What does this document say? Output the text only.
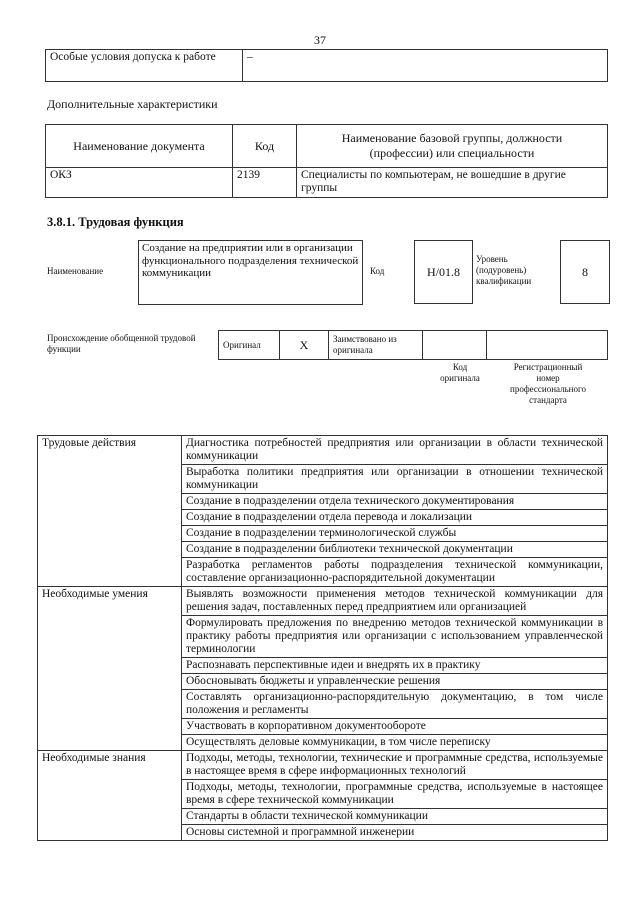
37
Особые условия допуска к работе	–
Дополнительные характеристики
Наименование документа	Код	Наименование базовой группы, должности (профессии) или специальности
ОКЗ	2139	Специалисты по компьютерам, не вошедшие в другие группы
3.8.1. Трудовая функция
Наименование
Создание на предприятии или в организации функционального подразделения технической коммуникации	Код	H/01.8
Уровень (подуровень) квалификации
8
Происхождение обобщенной трудовой функции	Оригинал	X	Заимствовано из оригинала		
Код оригинала
Регистрационный номер профессионального стандарта
Трудовые действия	Диагностика потребностей предприятия или организации в области технической коммуникации
	Выработка политики предприятия или организации в отношении технической коммуникации
	Создание в подразделении отдела технического документирования
	Создание в подразделении отдела перевода и локализации
	Создание в подразделении терминологической службы
	Создание в подразделении библиотеки технической документации
	Разработка регламентов работы подразделения технической коммуникации, составление организационно-распорядительной документации
Необходимые умения	Выявлять возможности применения методов технической коммуникации для решения задач, поставленных перед предприятием или организацией
	Формулировать предложения по внедрению методов технической коммуникации в практику работы предприятия или организации с использованием управленческой терминологии
	Распознавать перспективные идеи и внедрять их в практику
	Обосновывать бюджеты и управленческие решения
	Составлять организационно-распорядительную документацию, в том числе положения и регламенты
	Участвовать в корпоративном документообороте
	Осуществлять деловые коммуникации, в том числе переписку
Необходимые знания	Подходы, методы, технологии, технические и программные средства, используемые в настоящее время в сфере информационных технологий
	Подходы, методы, технологии, программные средства, используемые в настоящее время в сфере технической коммуникации
	Стандарты в области технической коммуникации
	Основы системной и программной инженерии
